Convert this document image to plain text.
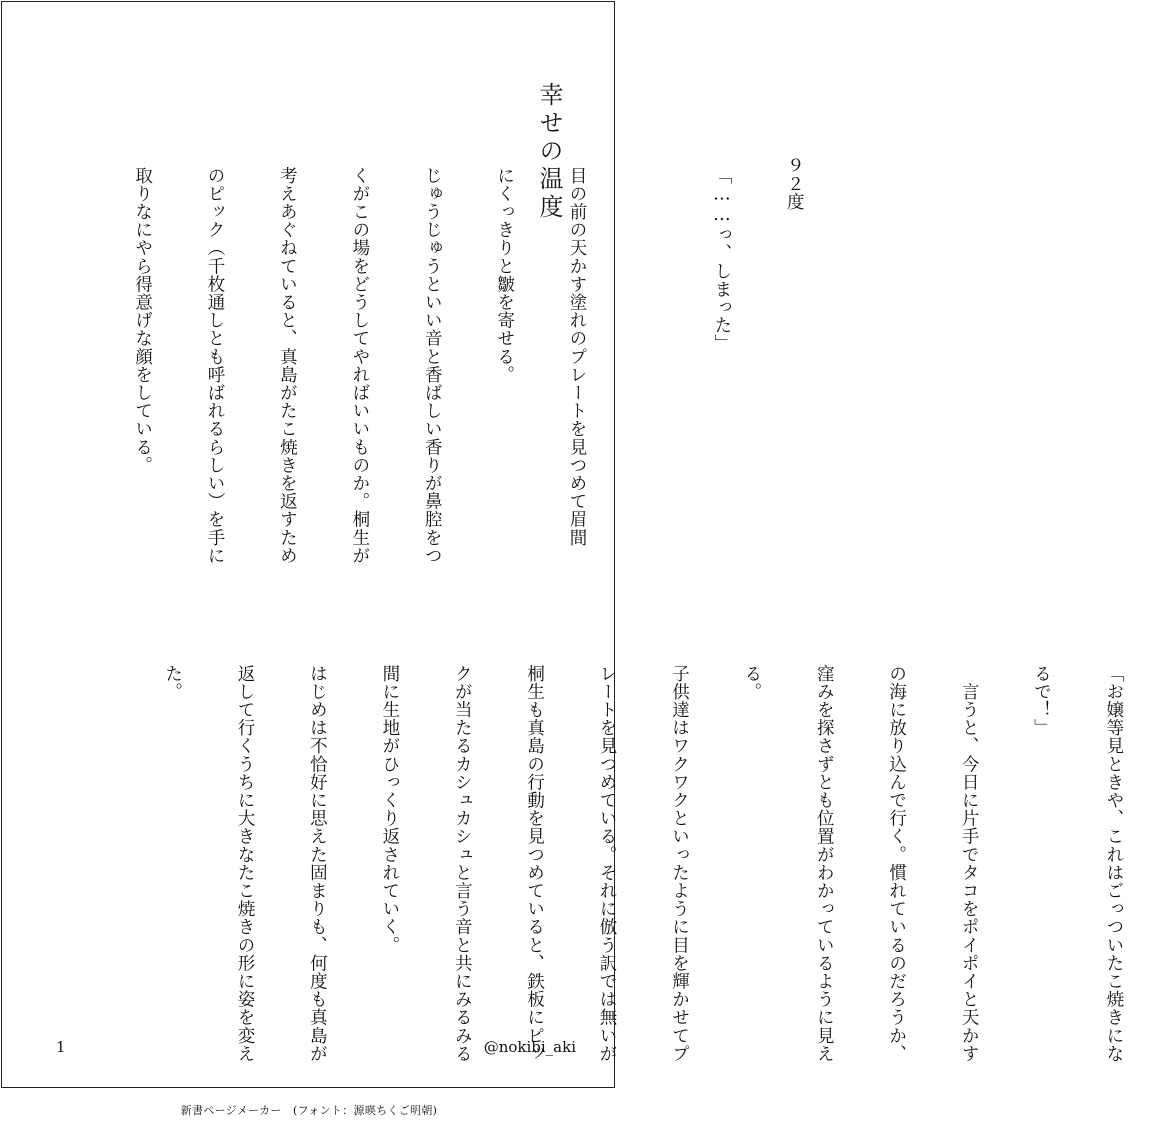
幸せの温度
　　　　	９２度

「……っ、しまった」

目の前の天かす塗れのプレートを見つめて眉間

にくっきりと皺を寄せる。

じゅうじゅうといい音と香ばしい香りが鼻腔をつ

くがこの場をどうしてやればいいものか。桐生が

考えあぐねていると、真島がたこ焼きを返すため

のピック（千枚通しとも呼ばれるらしい）を手に

取りなにやら得意げな顔をしている。

「お嬢等見ときや、これはごっついたこ焼きにな

るで！」

　言うと、今日に片手でタコをポイポイと天かす

の海に放り込んで行く。慣れているのだろうか、

窪みを探さずとも位置がわかっているように見え

る。

子供達はワクワクといったように目を輝かせてプ

レートを見つめている。それに倣う訳では無いが

桐生も真島の行動を見つめていると、鉄板にピッ

クが当たるカシュカシュと言う音と共にみるみる

間に生地がひっくり返されていく。

はじめは不恰好に思えた固まりも、何度も真島が

返して行くうちに大きなたこ焼きの形に姿を変え

た。

1	@nokibi_aki
新書ページメーカー　(フォント：源暎ちくご明朝)
